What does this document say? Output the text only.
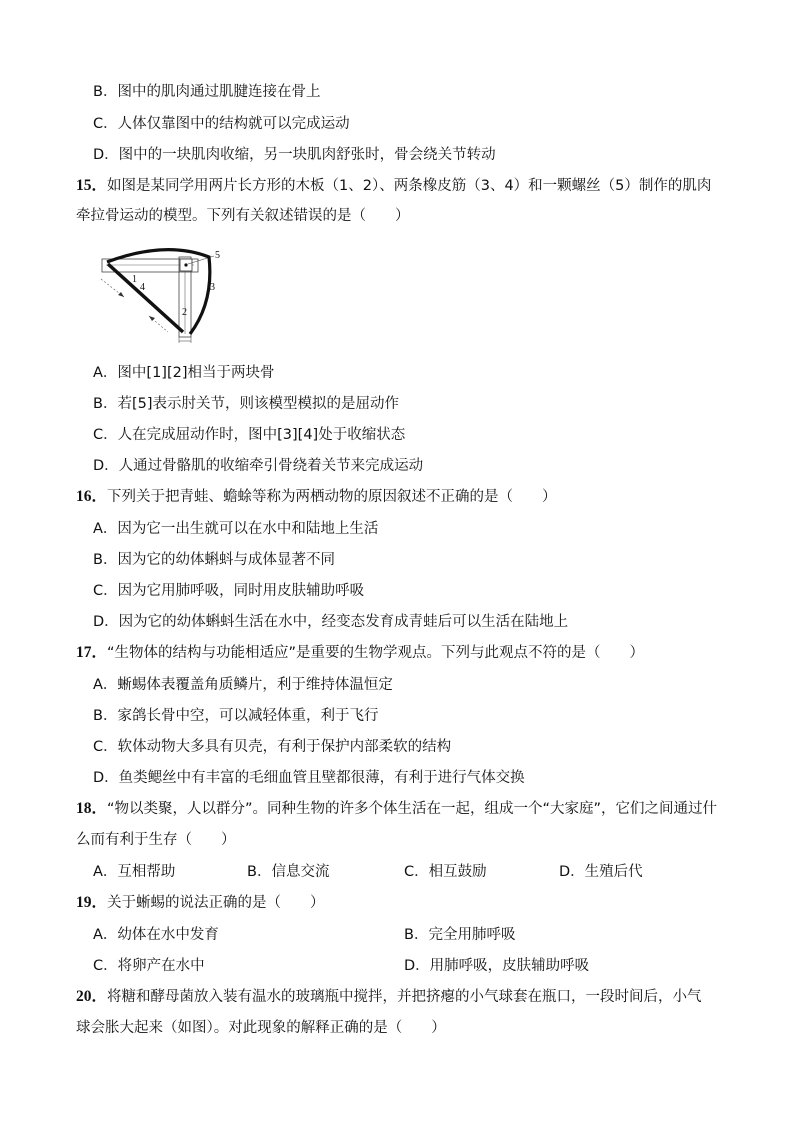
B．图中的肌肉通过肌腱连接在骨上
C．人体仅靠图中的结构就可以完成运动
D．图中的一块肌肉收缩，另一块肌肉舒张时，骨会绕关节转动
15．如图是某同学用两片长方形的木板（1、2）、两条橡皮筋（3、4）和一颗螺丝（5）制作的肌肉
牵拉骨运动的模型。下列有关叙述错误的是（　　）
1
2
3
4
5
A．图中[1][2]相当于两块骨
B．若[5]表示肘关节，则该模型模拟的是屈动作
C．人在完成屈动作时，图中[3][4]处于收缩状态
D．人通过骨骼肌的收缩牵引骨绕着关节来完成运动
16．下列关于把青蛙、蟾蜍等称为两栖动物的原因叙述不正确的是（　　）
A．因为它一出生就可以在水中和陆地上生活
B．因为它的幼体蝌蚪与成体显著不同
C．因为它用肺呼吸，同时用皮肤辅助呼吸
D．因为它的幼体蝌蚪生活在水中，经变态发育成青蛙后可以生活在陆地上
17．“生物体的结构与功能相适应”是重要的生物学观点。下列与此观点不符的是（　　）
A．蜥蜴体表覆盖角质鳞片，利于维持体温恒定
B．家鸽长骨中空，可以减轻体重，利于飞行
C．软体动物大多具有贝壳，有利于保护内部柔软的结构
D．鱼类鳃丝中有丰富的毛细血管且壁都很薄，有利于进行气体交换
18．“物以类聚，人以群分”。同种生物的许多个体生活在一起，组成一个“大家庭”，它们之间通过什
么而有利于生存（　　）
A．互相帮助	B．信息交流	C．相互鼓励	D．生殖后代
19．关于蜥蜴的说法正确的是（　　）
A．幼体在水中发育	B．完全用肺呼吸
C．将卵产在水中	D．用肺呼吸，皮肤辅助呼吸
20．将糖和酵母菌放入装有温水的玻璃瓶中搅拌，并把挤瘪的小气球套在瓶口，一段时间后，小气
球会胀大起来（如图）。对此现象的解释正确的是（　　）
